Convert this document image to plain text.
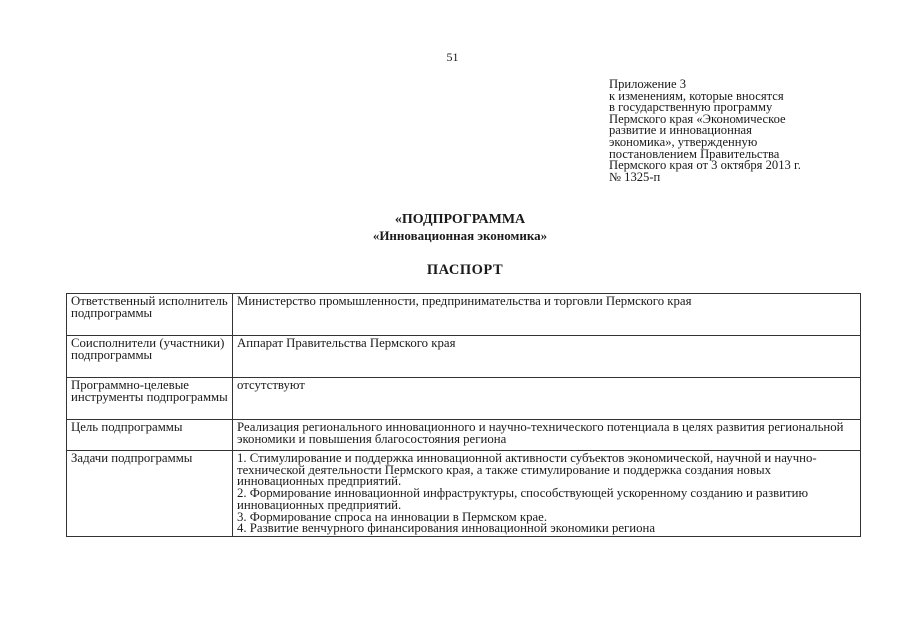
51
Приложение 3
к изменениям, которые вносятся
в государственную программу
Пермского края «Экономическое
развитие и инновационная
экономика», утвержденную
постановлением Правительства
Пермского края от 3 октября 2013 г.
№ 1325-п
«ПОДПРОГРАММА
«Инновационная экономика»
ПАСПОРТ
Ответственный исполнитель подпрограммы	Министерство промышленности, предпринимательства и торговли Пермского края
Соисполнители (участники) подпрограммы	Аппарат Правительства Пермского края
Программно-целевые инструменты подпрограммы	отсутствуют
Цель подпрограммы	Реализация регионального инновационного и научно-технического потенциала в целях развития региональной экономики и повышения благосостояния региона
Задачи подпрограммы	1. Стимулирование и поддержка инновационной активности субъектов экономической, научной и научно-технической деятельности Пермского края, а также стимулирование и поддержка создания новых инновационных предприятий.
2. Формирование инновационной инфраструктуры, способствующей ускоренному созданию и развитию инновационных предприятий.
3. Формирование спроса на инновации в Пермском крае.
4. Развитие венчурного финансирования инновационной экономики региона
